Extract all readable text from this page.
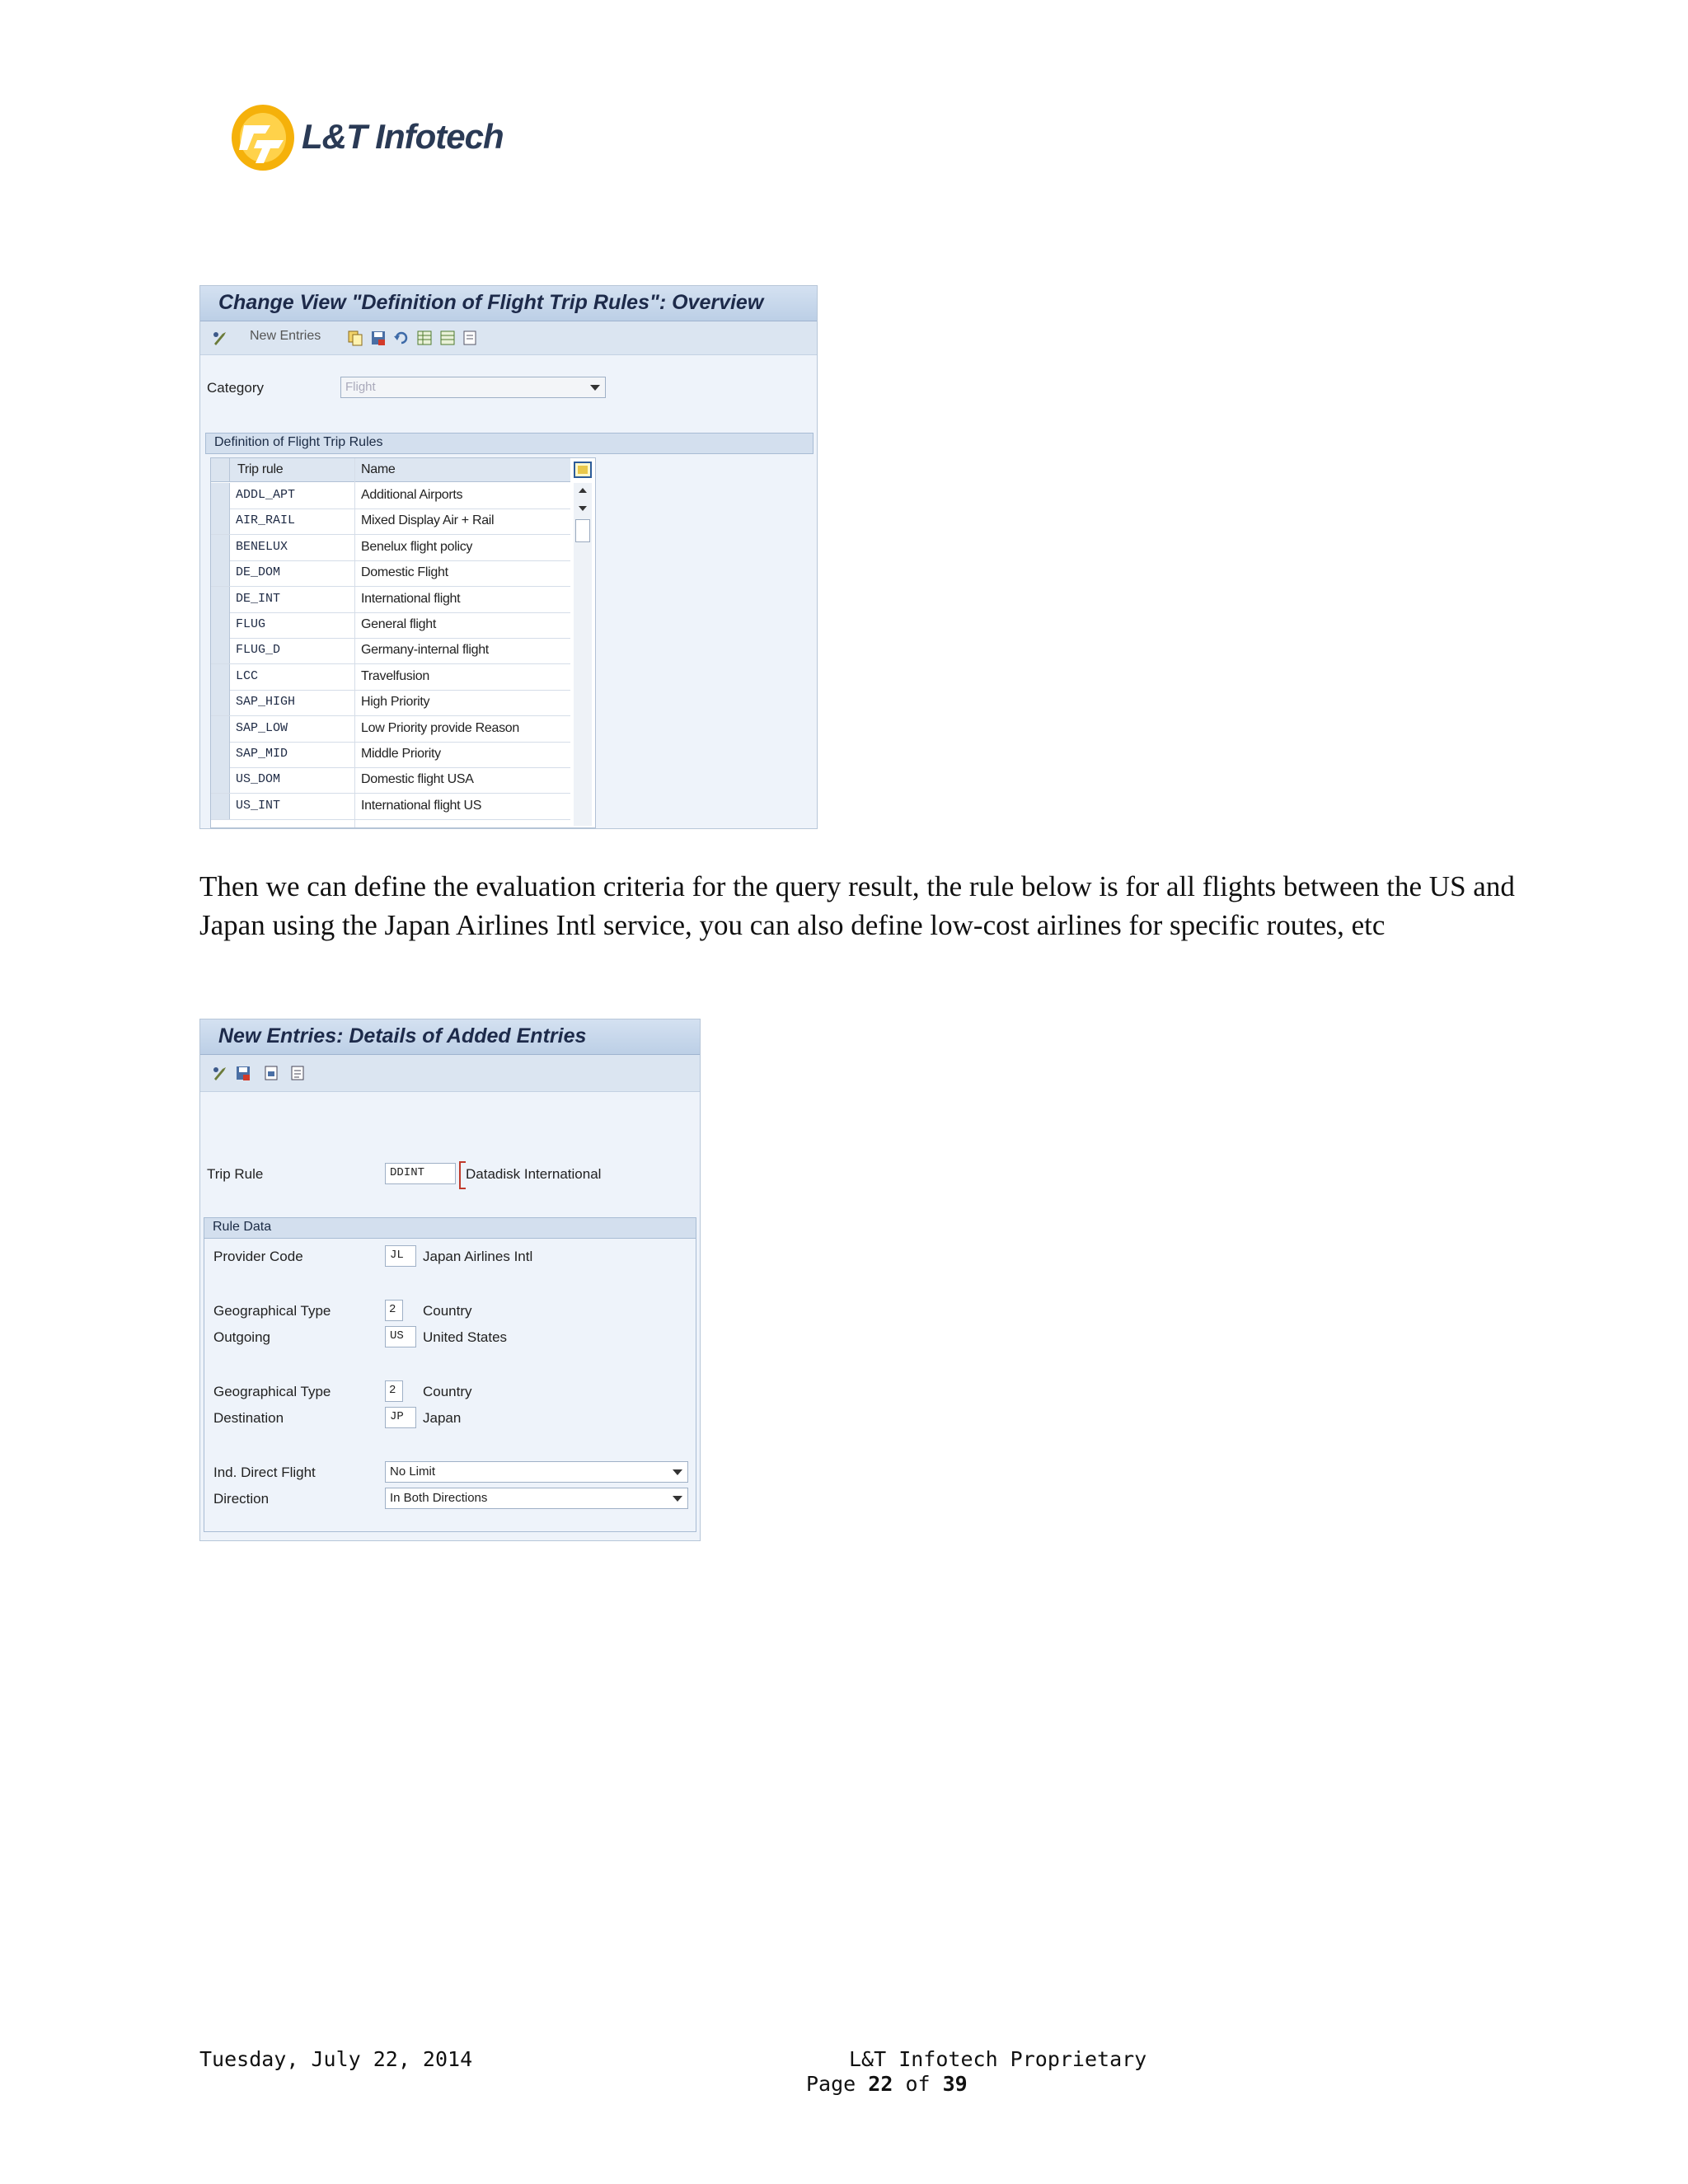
L&T Infotech
Change View "Definition of Flight Trip Rules": Overview
New Entries
Category	Flight
Definition of Flight Trip Rules
Trip rule	Name
ADDL_APT	Additional Airports
AIR_RAIL	Mixed Display Air + Rail
BENELUX	Benelux flight policy
DE_DOM	Domestic Flight
DE_INT	International flight
FLUG	General flight
FLUG_D	Germany-internal flight
LCC	Travelfusion
SAP_HIGH	High Priority
SAP_LOW	Low Priority provide Reason
SAP_MID	Middle Priority
US_DOM	Domestic flight USA
US_INT	International flight US
Then we can define the evaluation criteria for the query result, the rule below is for all flights between the US and Japan using the Japan Airlines Intl service, you can also define low-cost airlines for specific routes, etc
New Entries: Details of Added Entries
Trip Rule	DDINT	Datadisk International
Rule Data
Provider Code	JL Japan Airlines Intl
Geographical Type	2 Country
Outgoing	US United States
Geographical Type	2 Country
Destination	JP Japan
Ind. Direct Flight	No Limit
Direction	In Both Directions
Tuesday, July 22, 2014	L&T Infotech Proprietary
Page 22 of 39
